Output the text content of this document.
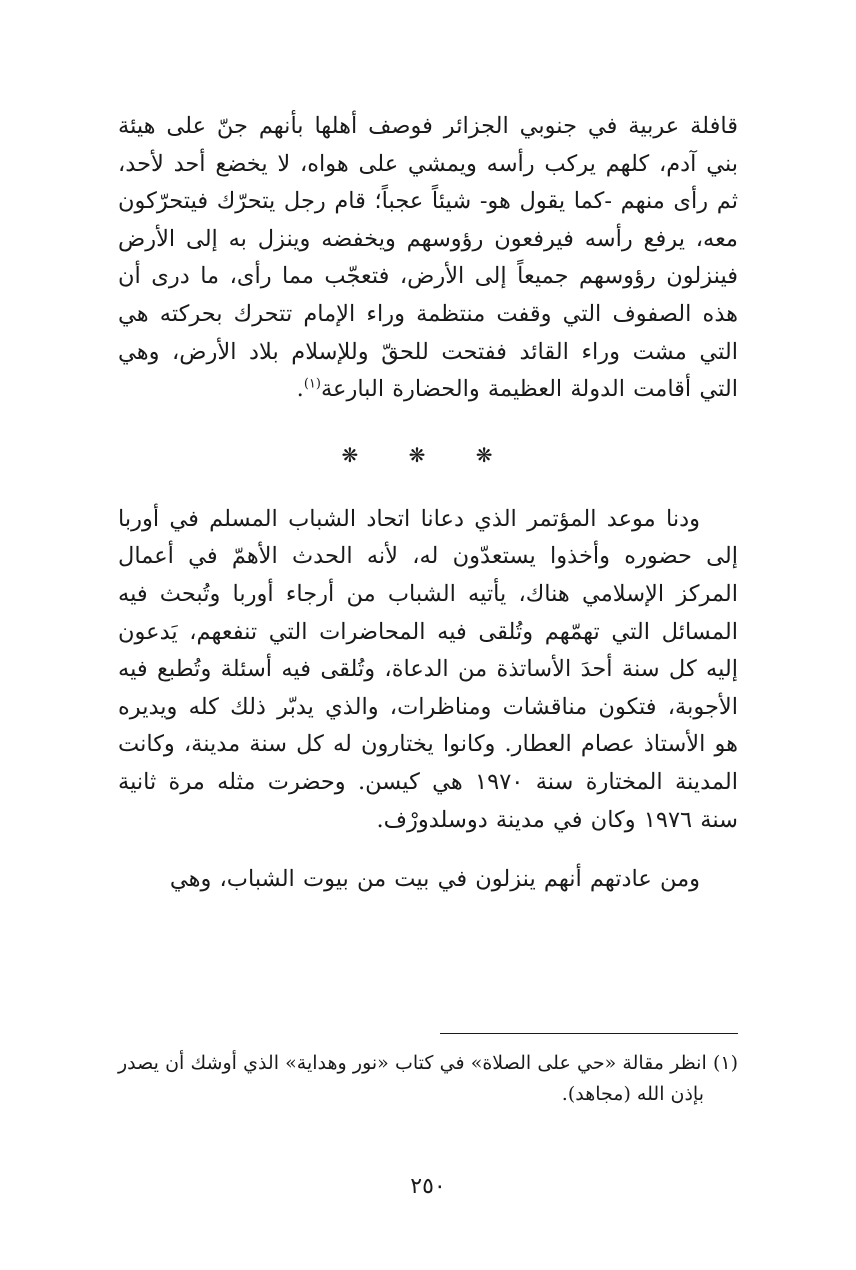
قافلة عربية في جنوبي الجزائر فوصف أهلها بأنهم جنّ على هيئة بني آدم، كلهم يركب رأسه ويمشي على هواه، لا يخضع أحد لأحد، ثم رأى منهم -كما يقول هو- شيئاً عجباً؛ قام رجل يتحرّك فيتحرّكون معه، يرفع رأسه فيرفعون رؤوسهم ويخفضه وينزل به إلى الأرض فينزلون رؤوسهم جميعاً إلى الأرض، فتعجّب مما رأى، ما درى أن هذه الصفوف التي وقفت منتظمة وراء الإمام تتحرك بحركته هي التي مشت وراء القائد ففتحت للحقّ وللإسلام بلاد الأرض، وهي التي أقامت الدولة العظيمة والحضارة البارعة$^{(١)}$.

❋ ❋ ❋

ودنا موعد المؤتمر الذي دعانا اتحاد الشباب المسلم في أوربا إلى حضوره وأخذوا يستعدّون له، لأنه الحدث الأهمّ في أعمال المركز الإسلامي هناك، يأتيه الشباب من أرجاء أوربا وتُبحث فيه المسائل التي تهمّهم وتُلقى فيه المحاضرات التي تنفعهم، يَدعون إليه كل سنة أحدَ الأساتذة من الدعاة، وتُلقى فيه أسئلة وتُطبع فيه الأجوبة، فتكون مناقشات ومناظرات، والذي يدبّر ذلك كله ويديره هو الأستاذ عصام العطار. وكانوا يختارون له كل سنة مدينة، وكانت المدينة المختارة سنة ١٩٧٠ هي كيسن. وحضرت مثله مرة ثانية سنة ١٩٧٦ وكان في مدينة دوسلدورْف.

ومن عادتهم أنهم ينزلون في بيت من بيوت الشباب، وهي

(١) انظر مقالة «حي على الصلاة» في كتاب «نور وهداية» الذي أوشك أن يصدر بإذن الله (مجاهد).

٢٥٠
